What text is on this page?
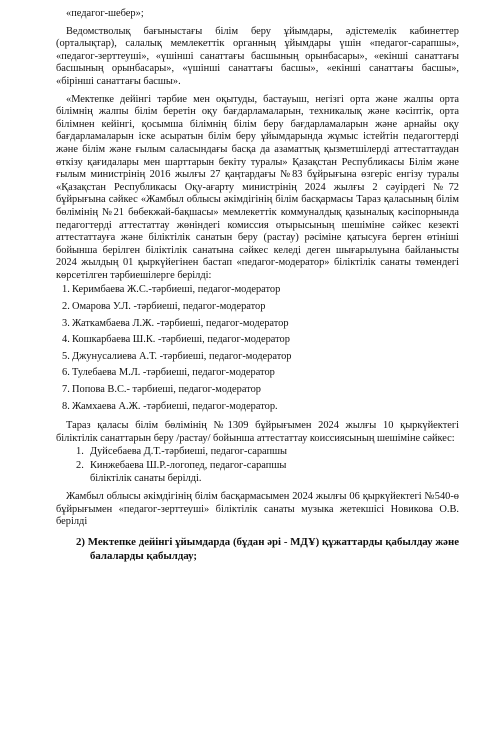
«педагог-шебер»;

Ведомстволық бағыныстағы білім беру ұйымдары, әдістемелік кабинеттер (орталықтар), салалық мемлекеттік органның ұйымдары үшін «педагог-сарапшы», «педагог-зерттеуші», «үшінші санаттағы басшының орынбасары», «екінші санаттағы басшының орынбасары», «үшінші санаттағы басшы», «екінші санаттағы басшы», «бірінші санаттағы басшы».

«Мектепке дейінгі тәрбие мен оқытуды, бастауыш, негізгі орта және жалпы орта білімнің жалпы білім беретін оқу бағдарламаларын, техникалық және кәсіптік, орта білімнен кейінгі, қосымша білімнің білім беру бағдарламаларын және арнайы оқу бағдарламаларын іске асыратын білім беру ұйымдарында жұмыс істейтін педагогтерді және білім және ғылым саласындағы басқа да азаматтық қызметшілерді аттестаттаудан өткізу қағидалары мен шарттарын бекіту туралы» Қазақстан Республикасы Білім және ғылым министрінің 2016 жылғы 27 қаңтардағы №83 бұйрығына өзгеріс енгізу туралы «Қазақстан Республикасы Оқу-ағарту министрінің 2024 жылғы 2 сәуірдегі №72 бұйрығына сәйкес «Жамбыл облысы әкімдігінің білім басқармасы Тараз қаласының білім бөлімінің №21 бөбекжай-бақшасы» мемлекеттік коммуналдық қазыналық кәсіпорнында педагогтерді аттестаттау жөніндегі комиссия отырысының шешіміне сәйкес кезекті аттестаттауға және біліктілік санатын беру (растау) рәсіміне қатысуға берген өтініші бойынша берілген біліктілік санатына сәйкес келеді деген шығарылуына байланысты 2024 жылдың 01 қыркүйегінен бастап «педагог-модератор» біліктілік санаты төмендегі көрсетілген тәрбиешілерге берілді:

1. Керимбаева Ж.С.-тәрбиеші, педагог-модератор
2. Омарова У.Л. -тәрбиеші, педагог-модератор
3. Жаткамбаева Л.Ж. -тәрбиеші, педагог-модератор
4. Кошкарбаева Ш.К. -тәрбиеші, педагог-модератор
5. Джунусалиева А.Т. -тәрбиеші, педагог-модератор
6. Тулебаева М.Л. -тәрбиеші, педагог-модератор
7. Попова В.С.- тәрбиеші, педагог-модератор
8. Жамхаева А.Ж. -тәрбиеші, педагог-модератор.

Тараз қаласы білім бөлімінің №1309 бұйрығымен 2024 жылғы 10 қыркүйектегі біліктілік санаттарын беру /растау/ бойынша аттестаттау коиссиясының шешіміне сәйкес:

1. Дуйсебаева Д.Т.-тәрбиеші, педагог-сарапшы
2. Кинжебаева Ш.Р.-логопед, педагог-сарапшы

біліктілік санаты берілді.

Жамбыл облысы әкімдігінің білім басқармасымен 2024 жылғы 06 қыркүйектегі №540-ө бұйрығымен «педагог-зерттеуші» біліктілік санаты музыка жетекшісі Новикова О.В. берілді

2) Мектепке дейінгі ұйымдарда (бұдан әрі - МДҰ) құжаттарды қабылдау және балаларды қабылдау;
